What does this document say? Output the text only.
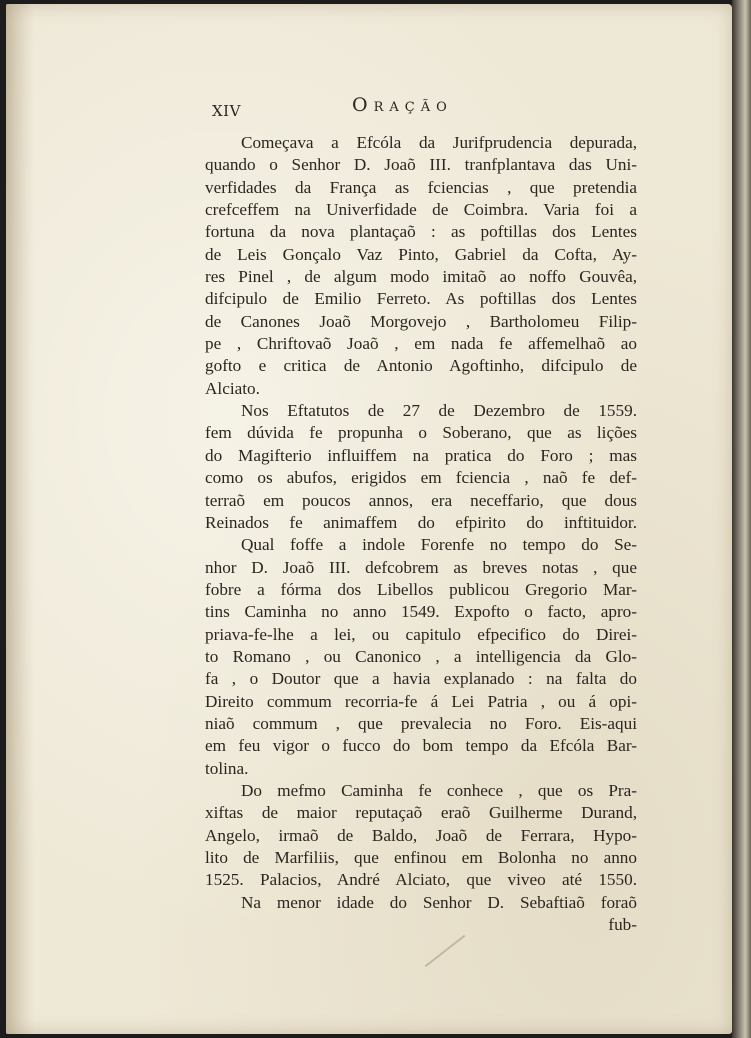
XIV	Oração
Começava a Efcóla da Jurifprudencia depurada,
quando o Senhor D. Joaõ III. tranfplantava das Uni-
verfidades da França as fciencias , que pretendia
crefceffem na Univerfidade de Coimbra. Varia foi a
fortuna da nova plantaçaõ : as poftillas dos Lentes
de Leis Gonçalo Vaz Pinto, Gabriel da Cofta, Ay-
res Pinel , de algum modo imitaõ ao noffo Gouvêa,
difcipulo de Emilio Ferreto. As poftillas dos Lentes
de Canones Joaõ Morgovejo , Bartholomeu Filip-
pe , Chriftovaõ Joaõ , em nada fe affemelhaõ ao
gofto e critica de Antonio Agoftinho, difcipulo de
Alciato.
Nos Eftatutos de 27 de Dezembro de 1559.
fem dúvida fe propunha o Soberano, que as lições
do Magifterio influiffem na pratica do Foro ; mas
como os abufos, erigidos em fciencia , naõ fe def-
terraõ em poucos annos, era neceffario, que dous
Reinados fe animaffem do efpirito do inftituidor.
Qual foffe a indole Forenfe no tempo do Se-
nhor D. Joaõ III. defcobrem as breves notas , que
fobre a fórma dos Libellos publicou Gregorio Mar-
tins Caminha no anno 1549. Expofto o facto, apro-
priava-fe-lhe a lei, ou capitulo efpecifico do Direi-
to Romano , ou Canonico , a intelligencia da Glo-
fa , o Doutor que a havia explanado : na falta do
Direito commum recorria-fe á Lei Patria , ou á opi-
niaõ commum , que prevalecia no Foro. Eis-aqui
em feu vigor o fucco do bom tempo da Efcóla Bar-
tolina.
Do mefmo Caminha fe conhece , que os Pra-
xiftas de maior reputaçaõ eraõ Guilherme Durand,
Angelo, irmaõ de Baldo, Joaõ de Ferrara, Hypo-
lito de Marfiliis, que enfinou em Bolonha no anno
1525. Palacios, André Alciato, que viveo até 1550.
Na menor idade do Senhor D. Sebaftiaõ foraõ
fub-
